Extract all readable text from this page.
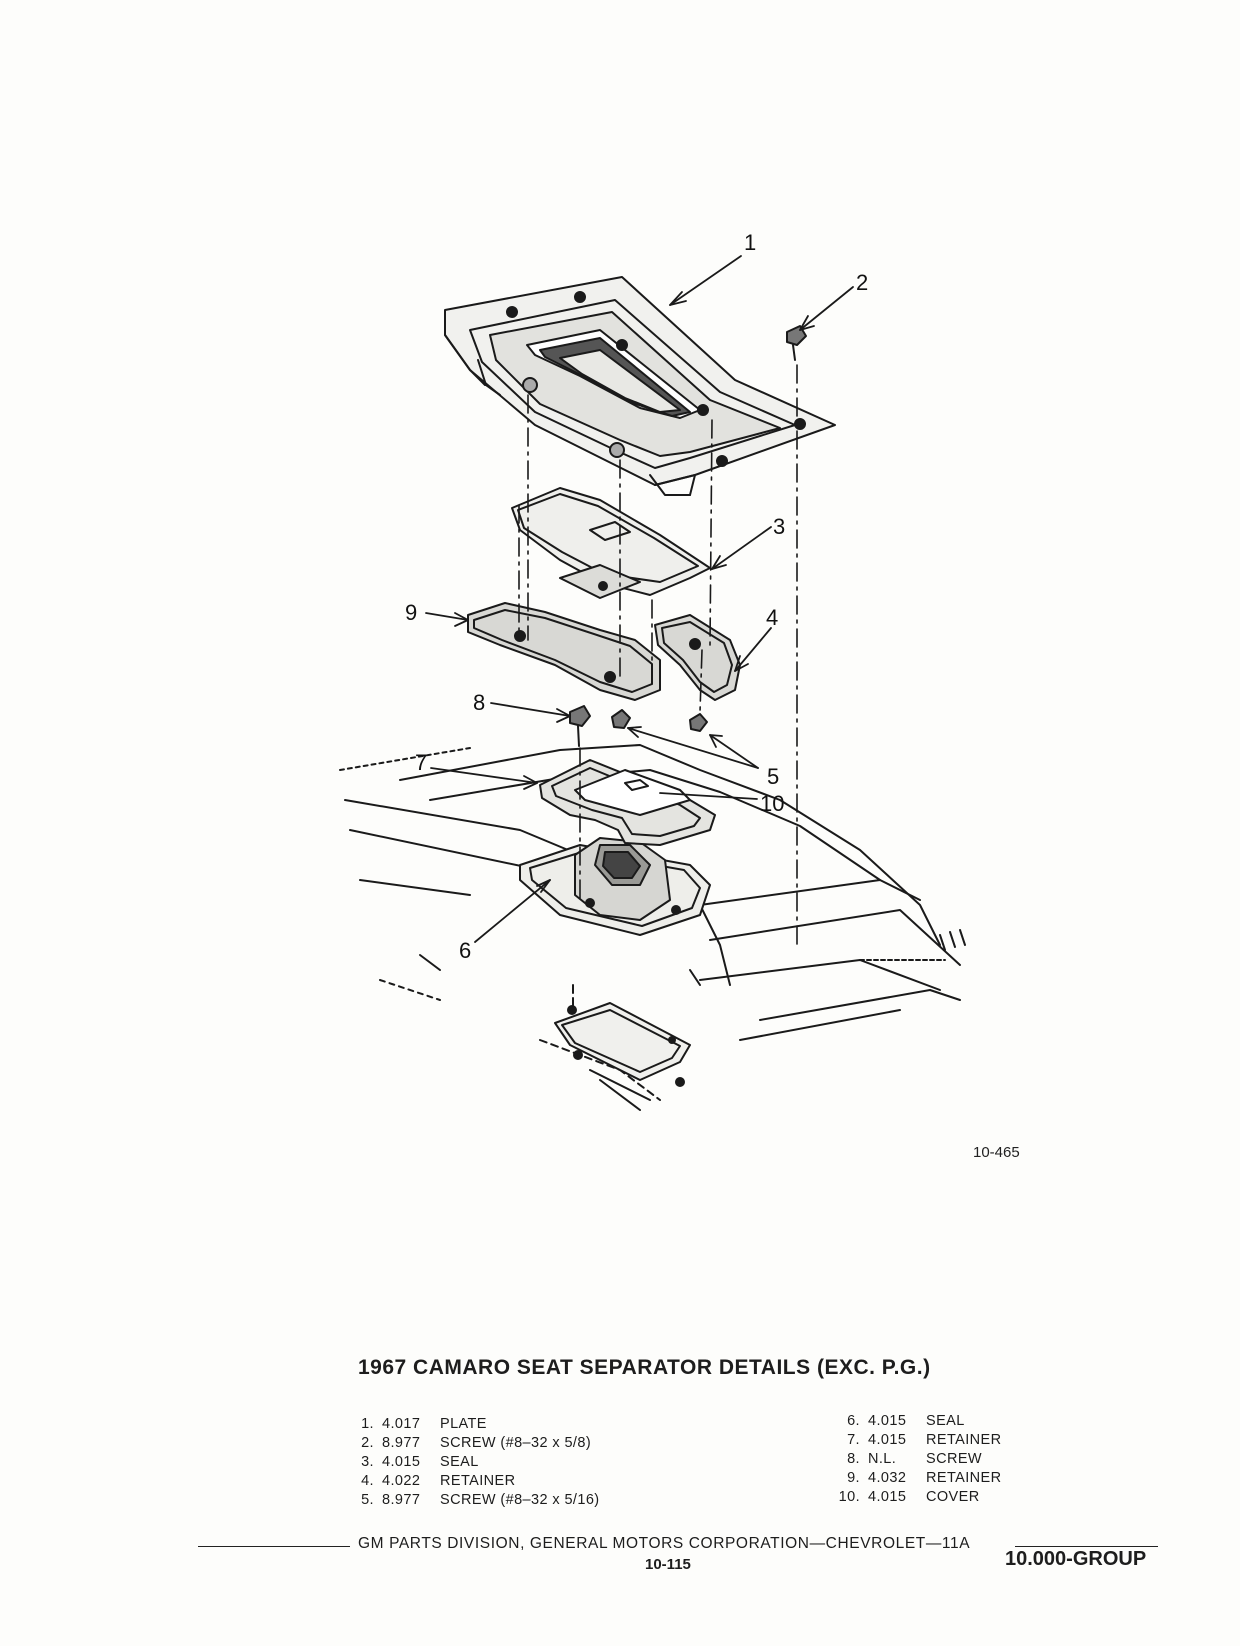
1
2
3
4
5
6
7
8
9
10
10-465
1967 CAMARO SEAT SEPARATOR DETAILS (EXC. P.G.)
1. 4.017	PLATE
2. 8.977	SCREW (#8–32 x 5/8)
3. 4.015	SEAL
4. 4.022	RETAINER
5. 8.977	SCREW (#8–32 x 5/16)
6. 4.015	SEAL
7. 4.015	RETAINER
8. N.L.	SCREW
9. 4.032	RETAINER
10. 4.015	COVER
GM PARTS DIVISION, GENERAL MOTORS CORPORATION—CHEVROLET—11A
10-115	10.000-GROUP
